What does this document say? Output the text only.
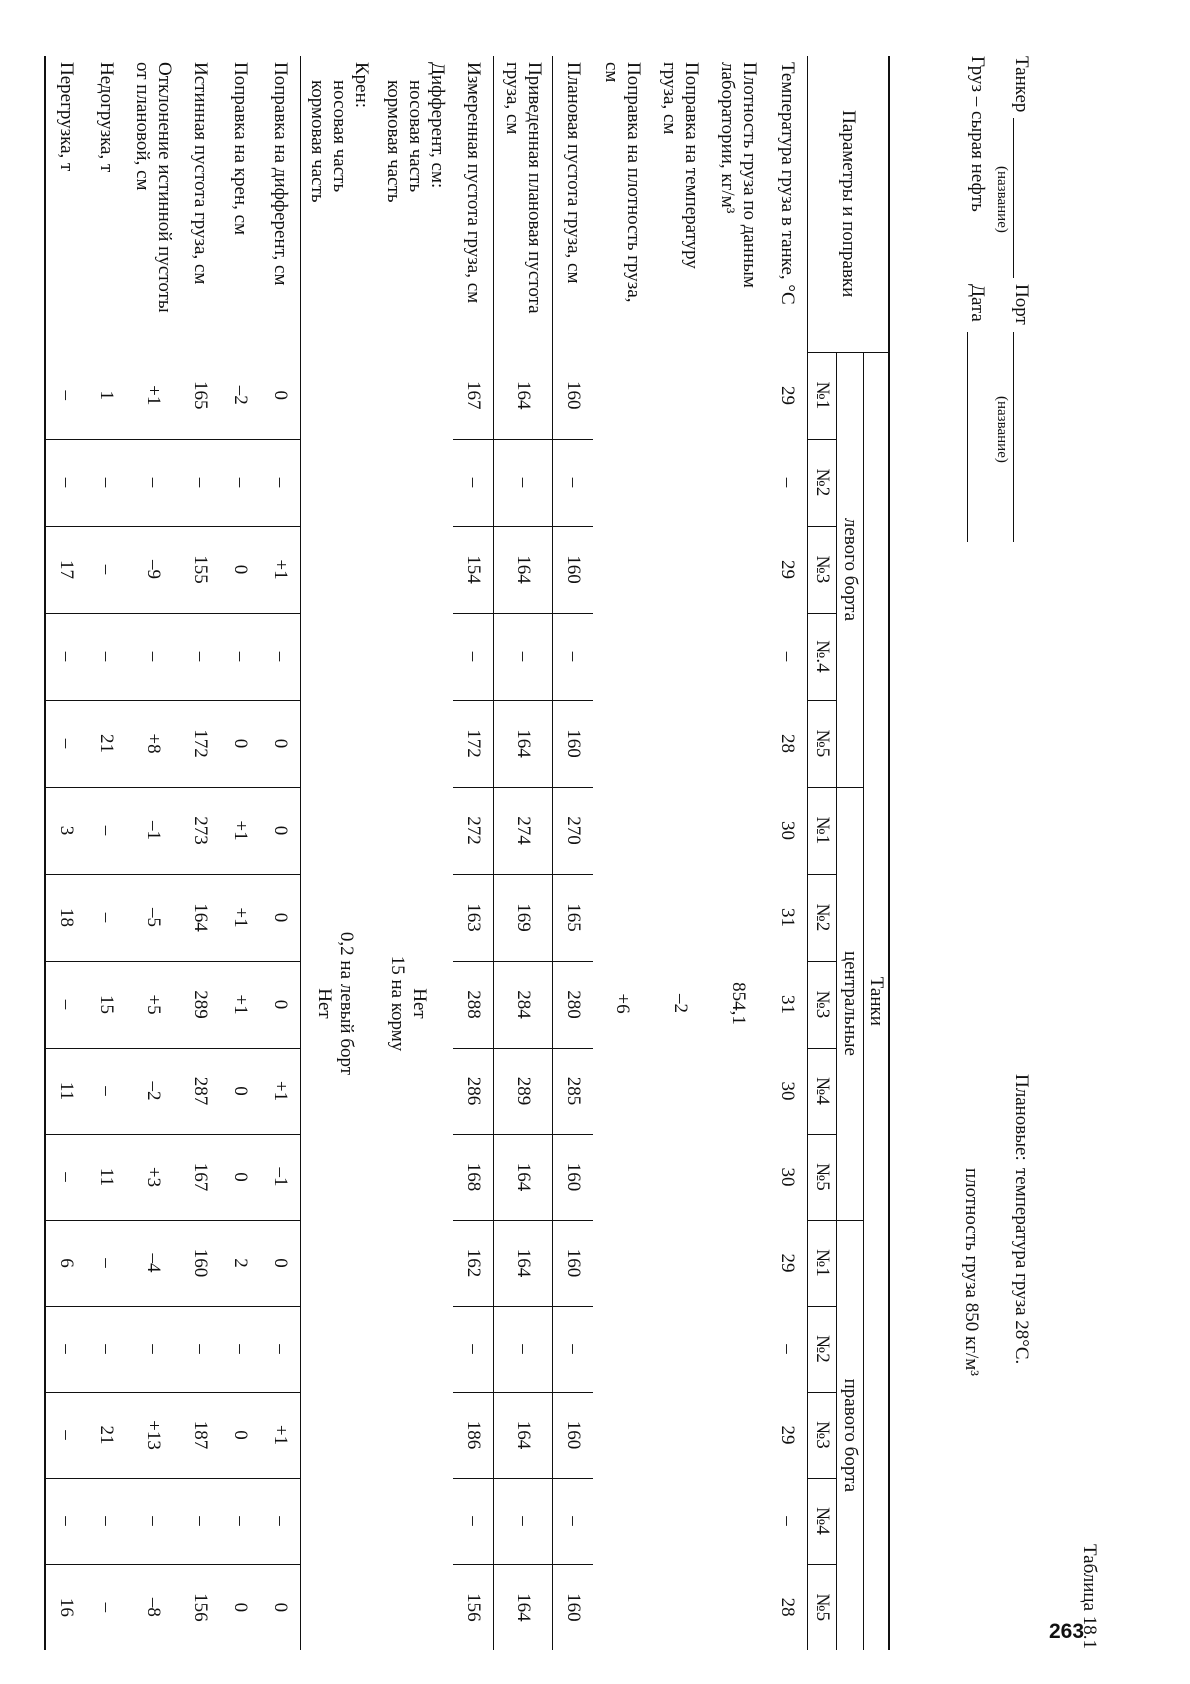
263
Таблица 18.1
Танкер
(название)
Порт
(название)
Груз – сырая нефть
Дата
Плановые:
температура груза 28°С.
плотность груза 850 кг/м³
Параметры и поправки	Танки														
	левого борта					центральные					правого борта				
	№1	№2	№3	№.4	№5	№1	№2	№3	№4	№5	№1	№2	№3	№4	№5
Температура груза в танке, °С	29	–	29	–	28	30	31	31	30	30	29	–	29	–	28
Плотность груза по данным
лаборатории, кг/м³						854,1									
Поправка на температуру
груза, см						–2									
Поправка на плотность груза,
см						+6									
Плановая пустота груза, см	160	–	160	–	160	270	165	280	285	160	160	–	160	–	160
Приведенная плановая пустота
груза, см	164	–	164	–	164	274	169	284	289	164	164	–	164	–	164
Измеренная пустота груза, см	167	–	154	–	172	272	163	288	286	168	162	–	186	–	156
Дифферент, см:
носовая часть
кормовая часть						Нет
15 на корму									
Крен:
носовая часть
кормовая часть						0,2 на левый борт
Нет									
Поправка на дифферент, см	0	–	+1	–	0	0	0	0	+1	–1	0	–	+1	–	0
Поправка на крен, см	–2	–	0	–	0	+1	+1	+1	0	0	2	–	0	–	0
Истинная пустота груза, см	165	–	155	–	172	273	164	289	287	167	160	–	187	–	156
Отклонение истинной пустоты
от плановой, см	+1	–	–9	–	+8	–1	–5	+5	–2	+3	–4	–	+13	–	–8
Недогрузка, т	1	–	–	–	21	–	–	15	–	11	–	–	21	–	–
Перегрузка, т	–	–	17	–	–	3	18	–	11	–	6	–	–	–	16
